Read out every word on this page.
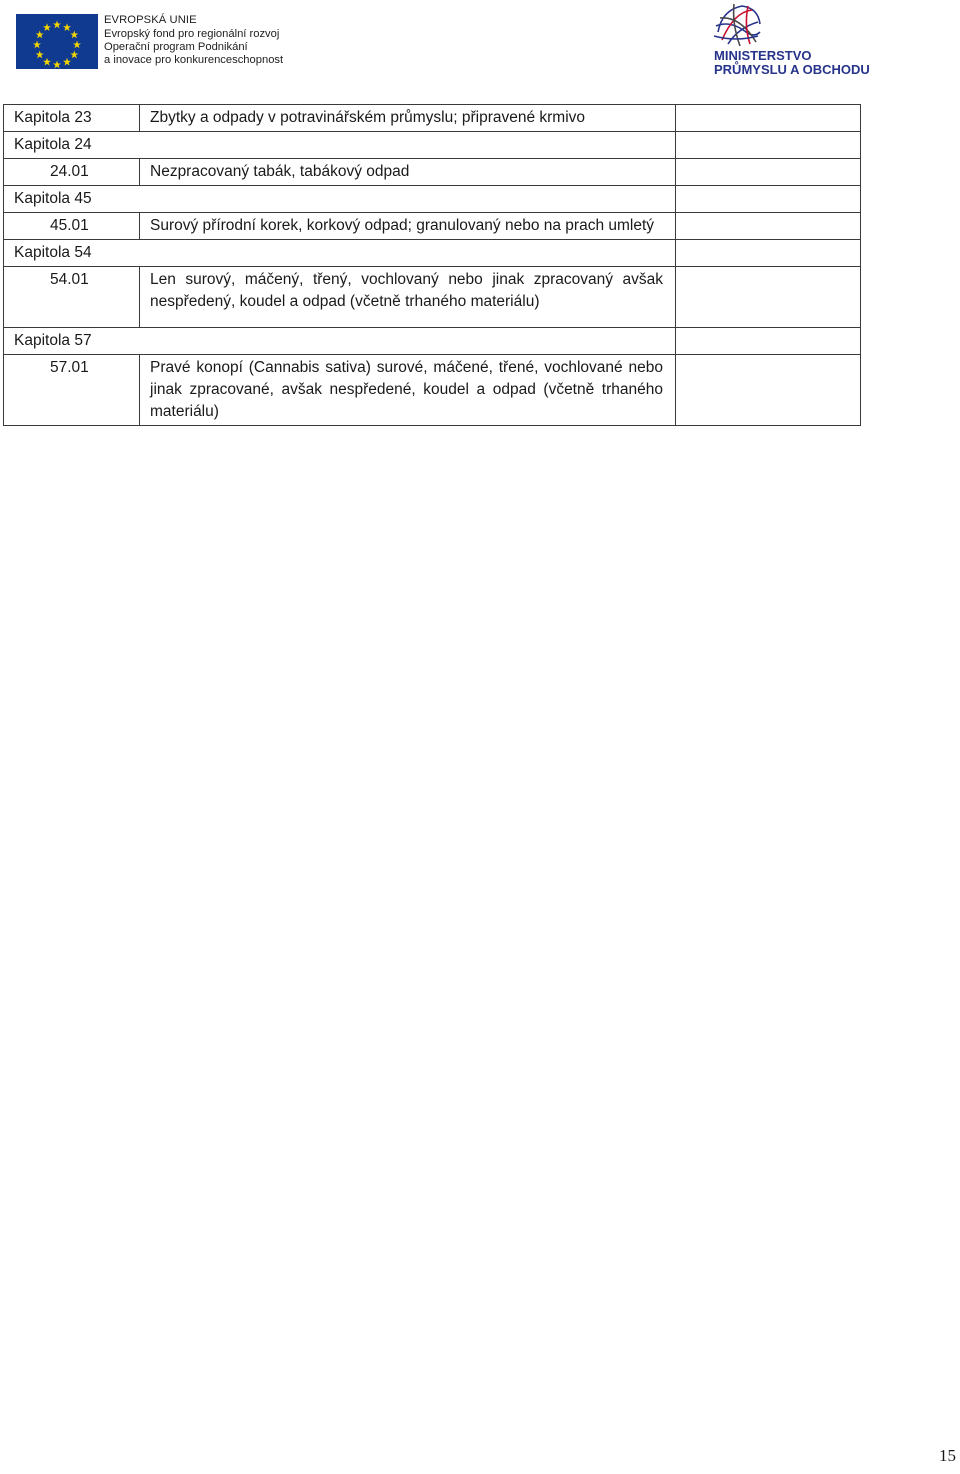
EVROPSKÁ UNIE
Evropský fond pro regionální rozvoj
Operační program Podnikání
a inovace pro konkurenceschopnost	MINISTERSTVO
PRŮMYSLU A OBCHODU
Kapitola 23	Zbytky a odpady v potravinářském průmyslu; připravené krmivo	
Kapitola 24		
24.01	Nezpracovaný tabák, tabákový odpad	
Kapitola 45		
45.01	Surový přírodní korek, korkový odpad; granulovaný nebo na prach umletý	
Kapitola 54		
54.01	Len surový, máčený, třený, vochlovaný nebo jinak zpracovaný avšak nespředený, koudel a odpad (včetně trhaného materiálu)	
Kapitola 57		
57.01	Pravé konopí (Cannabis sativa) surové, máčené, třené, vochlované nebo jinak zpracované, avšak nespředené, koudel a odpad (včetně trhaného materiálu)	
15
